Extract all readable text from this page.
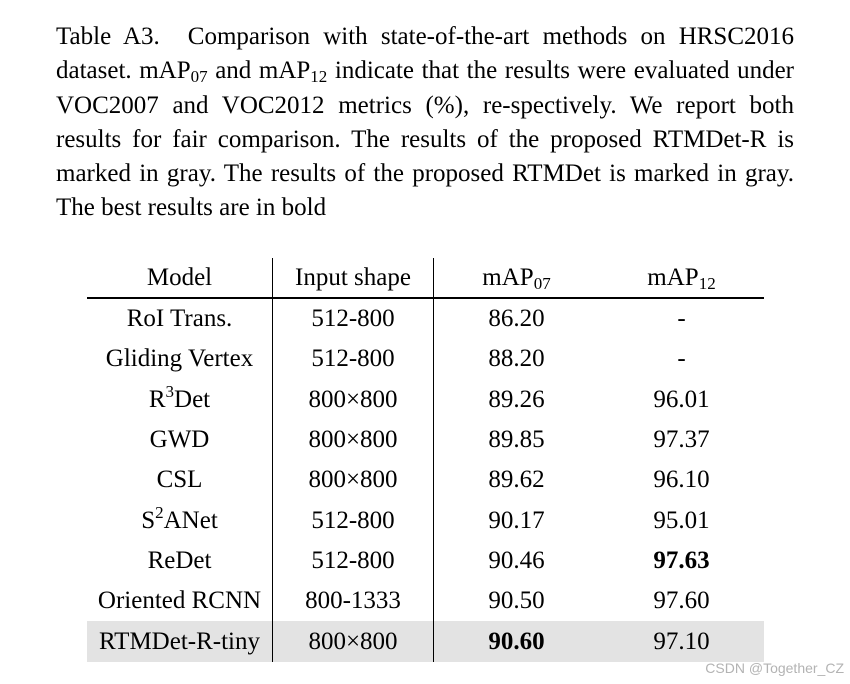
Table A3. Comparison with state-of-the-art methods on HRSC2016 dataset. mAP$_{07}$ and mAP$_{12}$ indicate that the results were evaluated under VOC2007 and VOC2012 metrics (%), re-spectively. We report both results for fair comparison. The results of the proposed RTMDet-R is marked in gray. The results of the proposed RTMDet is marked in gray. The best results are in bold

Model	Input shape	mAP$_{07}$	mAP$_{12}$
RoI Trans.	512-800	86.20	-
Gliding Vertex	512-800	88.20	-
$R^3Det$	800×800	89.26	96.01
GWD	800×800	89.85	97.37
CSL	800×800	89.62	96.10
$S^2ANet$	512-800	90.17	95.01
ReDet	512-800	90.46	97.63
Oriented RCNN	800-1333	90.50	97.60
RTMDet-R-tiny	800×800	90.60	97.10
CSDN @Together_CZ
